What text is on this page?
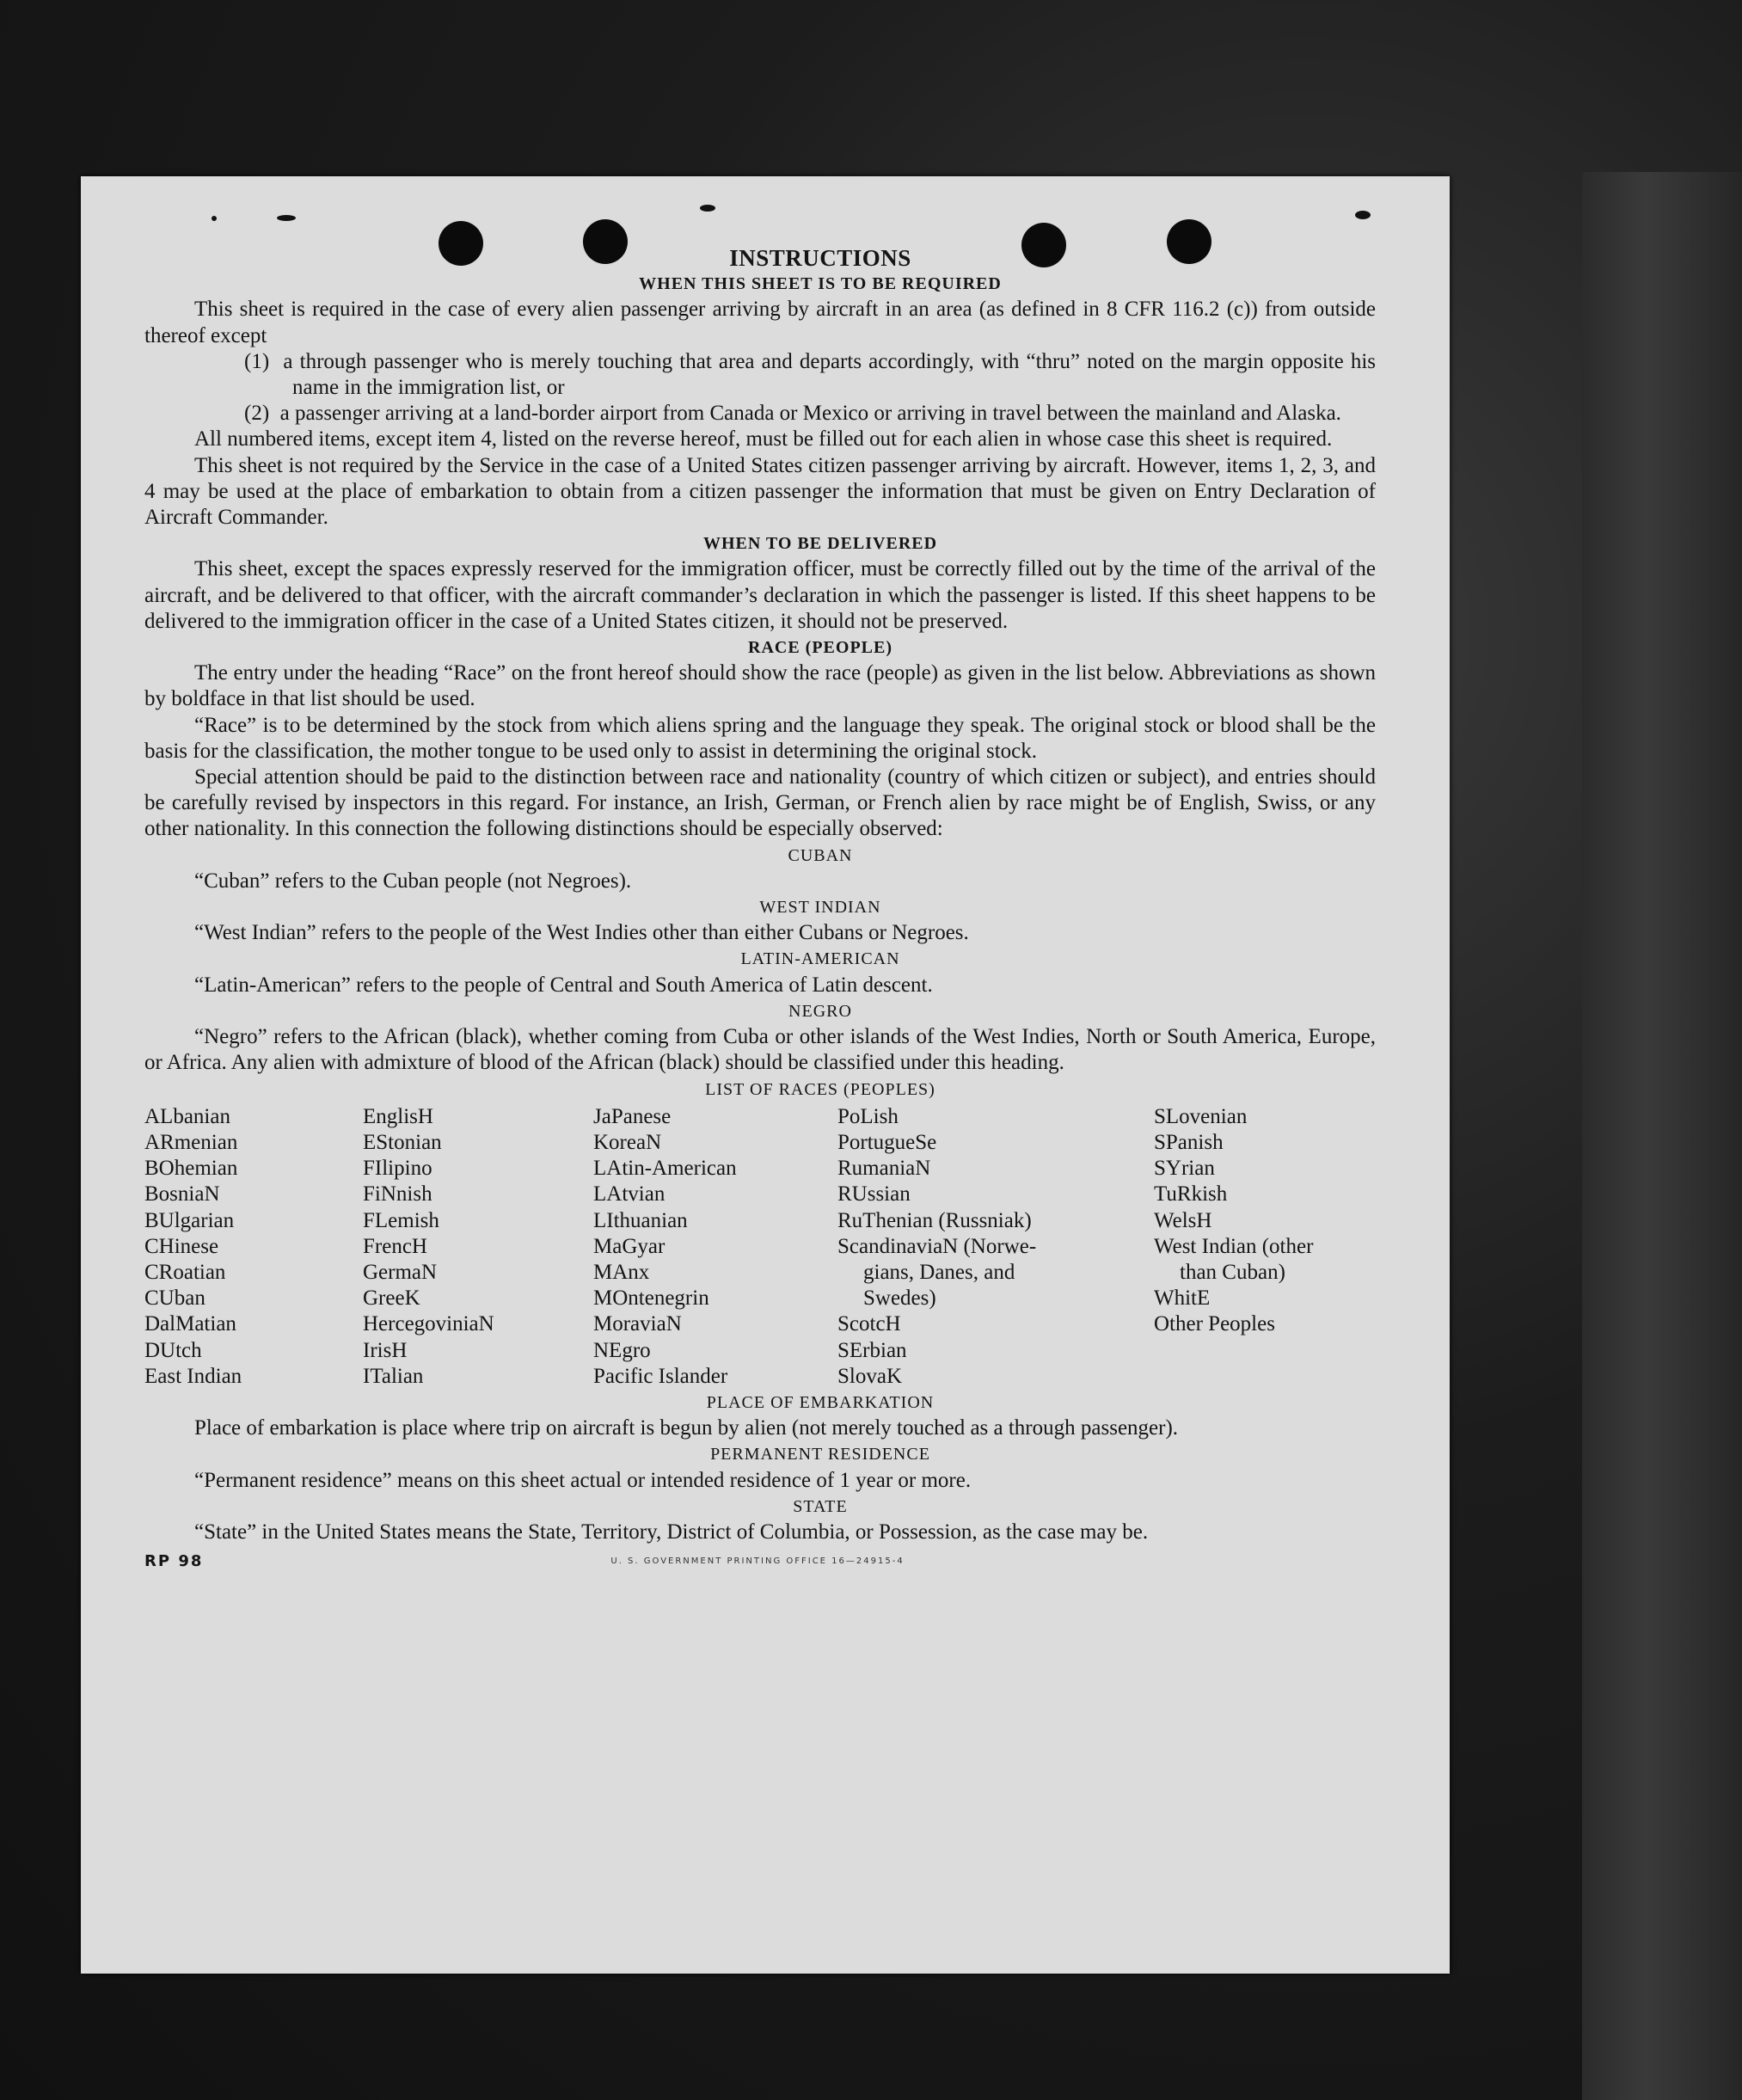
INSTRUCTIONS
WHEN THIS SHEET IS TO BE REQUIRED

This sheet is required in the case of every alien passenger arriving by aircraft in an area (as defined in 8 CFR 116.2 (c)) from outside thereof except

(1) a through passenger who is merely touching that area and departs accordingly, with “thru” noted on the margin opposite his name in the immigration list, or

(2) a passenger arriving at a land-border airport from Canada or Mexico or arriving in travel between the mainland and Alaska.

All numbered items, except item 4, listed on the reverse hereof, must be filled out for each alien in whose case this sheet is required.

This sheet is not required by the Service in the case of a United States citizen passenger arriving by aircraft. However, items 1, 2, 3, and 4 may be used at the place of embarkation to obtain from a citizen passenger the information that must be given on Entry Declaration of Aircraft Commander.

WHEN TO BE DELIVERED

This sheet, except the spaces expressly reserved for the immigration officer, must be correctly filled out by the time of the arrival of the aircraft, and be delivered to that officer, with the aircraft commander’s declaration in which the passenger is listed. If this sheet happens to be delivered to the immigration officer in the case of a United States citizen, it should not be preserved.

RACE (PEOPLE)

The entry under the heading “Race” on the front hereof should show the race (people) as given in the list below. Abbreviations as shown by boldface in that list should be used.

“Race” is to be determined by the stock from which aliens spring and the language they speak. The original stock or blood shall be the basis for the classification, the mother tongue to be used only to assist in determining the original stock.

Special attention should be paid to the distinction between race and nationality (country of which citizen or subject), and entries should be carefully revised by inspectors in this regard. For instance, an Irish, German, or French alien by race might be of English, Swiss, or any other nationality. In this connection the following distinctions should be especially observed:

CUBAN

“Cuban” refers to the Cuban people (not Negroes).

WEST INDIAN

“West Indian” refers to the people of the West Indies other than either Cubans or Negroes.

LATIN-AMERICAN

“Latin-American” refers to the people of Central and South America of Latin descent.

NEGRO

“Negro” refers to the African (black), whether coming from Cuba or other islands of the West Indies, North or South America, Europe, or Africa. Any alien with admixture of blood of the African (black) should be classified under this heading.

LIST OF RACES (PEOPLES)
ALbanian
ARmenian
BOhemian
BosniaN
BUlgarian
CHinese
CRoatian
CUban
DalMatian
DUtch
East Indian
EnglisH
EStonian
FIlipino
FiNnish
FLemish
FrencH
GermaN
GreeK
HercegoviniaN
IrisH
ITalian
JaPanese
KoreaN
LAtin-American
LAtvian
LIthuanian
MaGyar
MAnx
MOntenegrin
MoraviaN
NEgro
Pacific Islander
PoLish
PortugueSe
RumaniaN
RUssian
RuThenian (Russniak)
ScandinaviaN (Norwe-
gians, Danes, and
Swedes)
ScotcH
SErbian
SlovaK
SLovenian
SPanish
SYrian
TuRkish
WelsH
West Indian (other
than Cuban)
WhitE
Other Peoples
PLACE OF EMBARKATION

Place of embarkation is place where trip on aircraft is begun by alien (not merely touched as a through passenger).

PERMANENT RESIDENCE

“Permanent residence” means on this sheet actual or intended residence of 1 year or more.

STATE

“State” in the United States means the State, Territory, District of Columbia, or Possession, as the case may be.

RP 98	U. S. GOVERNMENT PRINTING OFFICE 16—24915-4
